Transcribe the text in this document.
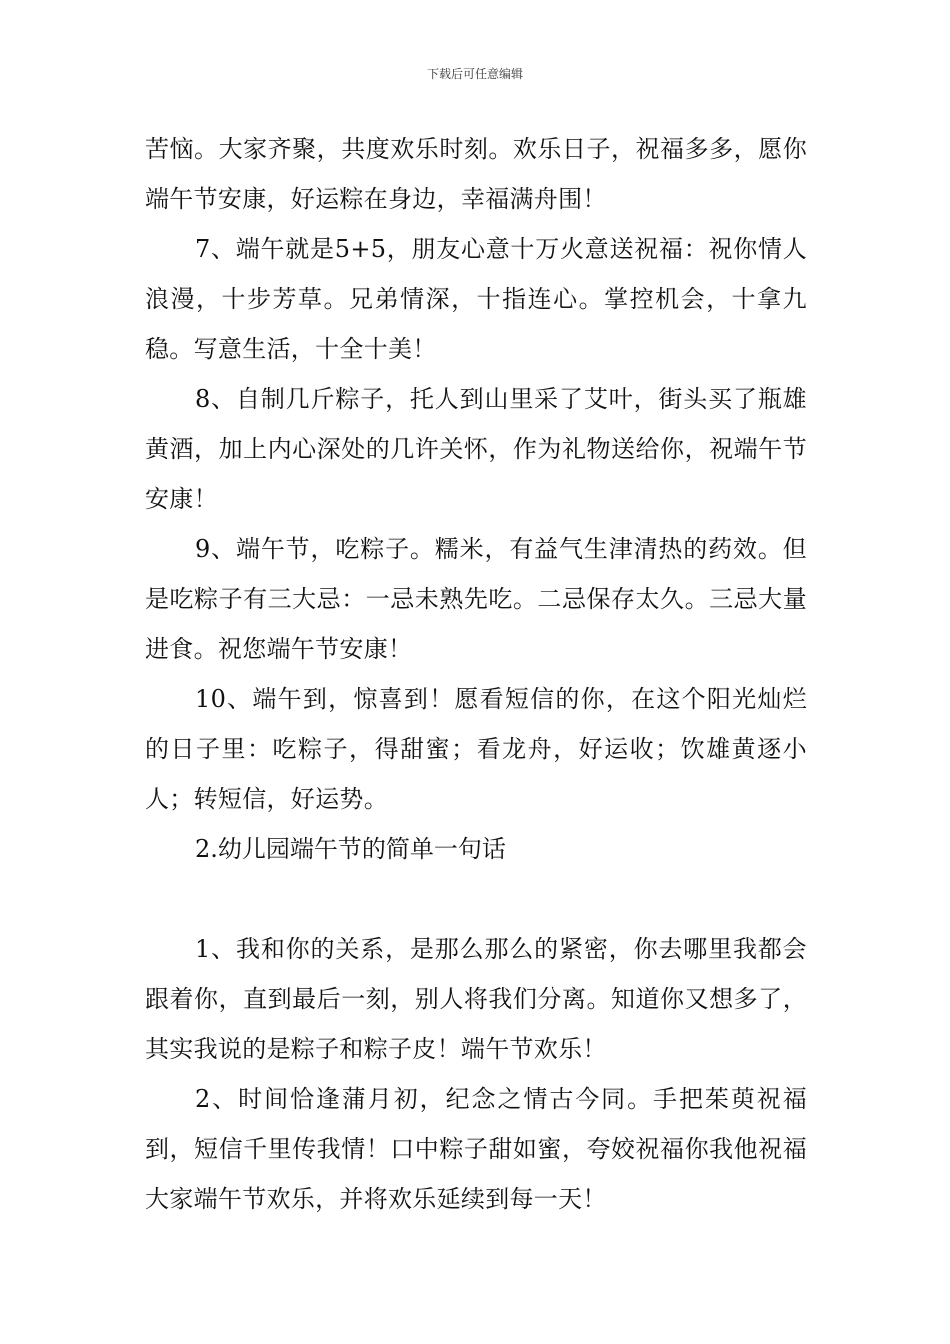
下载后可任意编辑

苦恼。大家齐聚，共度欢乐时刻。欢乐日子，祝福多多，愿你端午节安康，好运粽在身边，幸福满舟围！

7、端午就是5+5，朋友心意十万火意送祝福：祝你情人浪漫，十步芳草。兄弟情深，十指连心。掌控机会，十拿九稳。写意生活，十全十美！

8、自制几斤粽子，托人到山里采了艾叶，街头买了瓶雄黄酒，加上内心深处的几许关怀，作为礼物送给你，祝端午节安康！

9、端午节，吃粽子。糯米，有益气生津清热的药效。但是吃粽子有三大忌：一忌未熟先吃。二忌保存太久。三忌大量进食。祝您端午节安康！

10、端午到，惊喜到！愿看短信的你，在这个阳光灿烂的日子里：吃粽子，得甜蜜；看龙舟，好运收；饮雄黄逐小人；转短信，好运势。

2.幼儿园端午节的简单一句话

1、我和你的关系，是那么那么的紧密，你去哪里我都会跟着你，直到最后一刻，别人将我们分离。知道你又想多了，其实我说的是粽子和粽子皮！端午节欢乐！

2、时间恰逢蒲月初，纪念之情古今同。手把茱萸祝福到，短信千里传我情！口中粽子甜如蜜，夸姣祝福你我他祝福大家端午节欢乐，并将欢乐延续到每一天！
